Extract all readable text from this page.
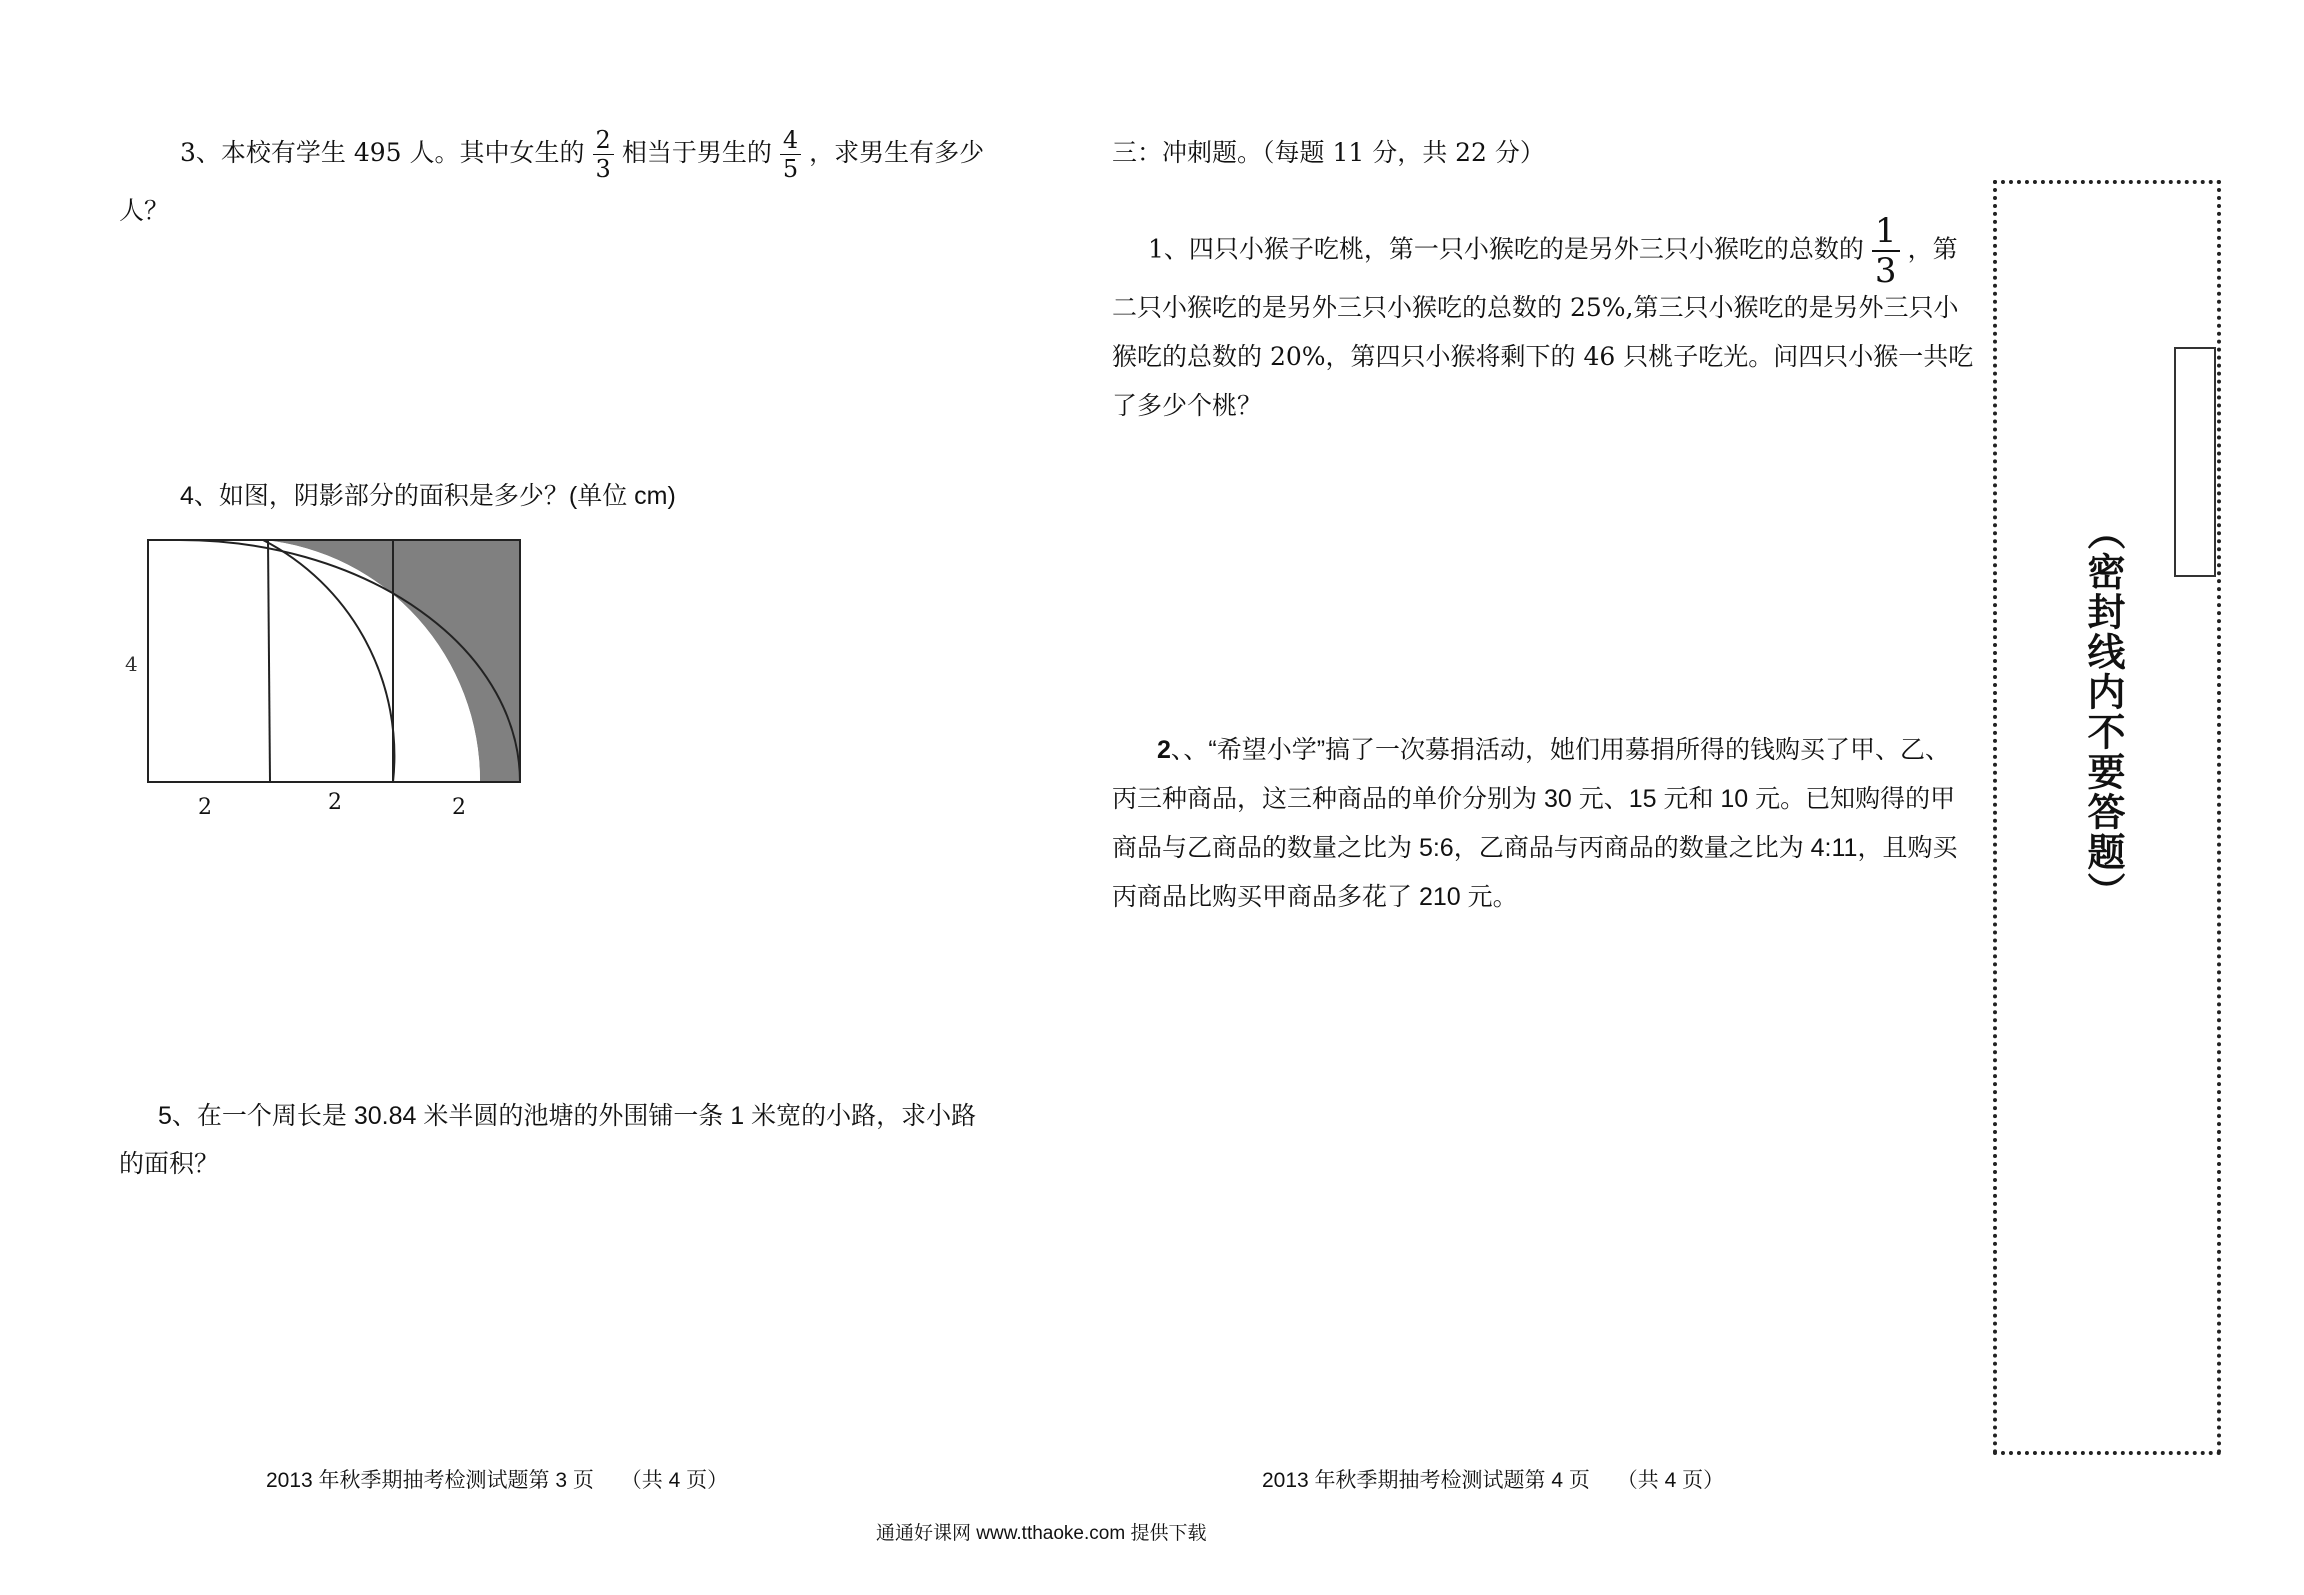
3、本校有学生 495 人。其中女生的 $\frac{2}{3}$ 相当于男生的 $\frac{4}{5}$ ，求男生有多少
人？
4、如图，阴影部分的面积是多少？(单位 cm)
4
2	2	2
5、在一个周长是 30.84 米半圆的池塘的外围铺一条 1 米宽的小路，求小路
的面积？
2013 年秋季期抽考检测试题第 3 页　 （共 4 页）
三：冲刺题。（每题 11 分，共 22 分）
1、四只小猴子吃桃，第一只小猴吃的是另外三只小猴吃的总数的 $\frac{1}{3}$ ，第
二只小猴吃的是另外三只小猴吃的总数的 25%,第三只小猴吃的是另外三只小
猴吃的总数的 20%，第四只小猴将剩下的 46 只桃子吃光。问四只小猴一共吃
了多少个桃？
2、、“希望小学”搞了一次募捐活动，她们用募捐所得的钱购买了甲、乙、
丙三种商品，这三种商品的单价分别为 30 元、15 元和 10 元。已知购得的甲
商品与乙商品的数量之比为 5:6，乙商品与丙商品的数量之比为 4:11，且购买
丙商品比购买甲商品多花了 210 元。
2013 年秋季期抽考检测试题第 4 页　 （共 4 页）
（密封线内不要答题）
通通好课网 www.tthaoke.com 提供下载
